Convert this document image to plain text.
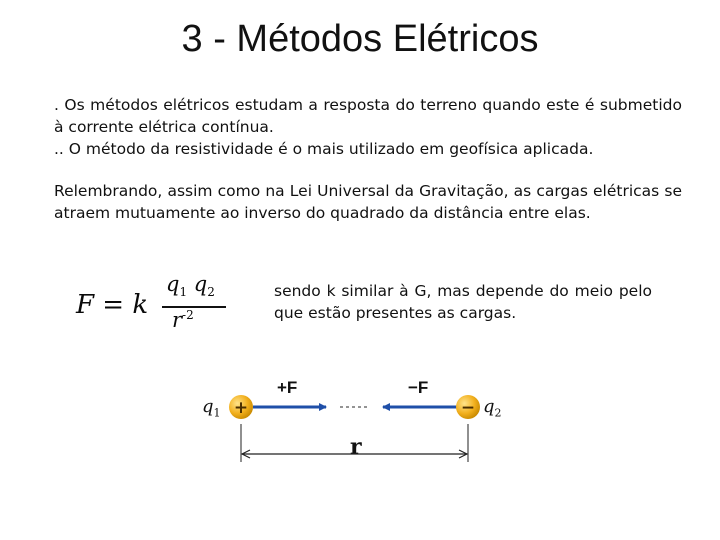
3 - Métodos Elétricos

. Os métodos elétricos estudam a resposta do terreno quando este é submetido à corrente elétrica contínua.

.. O método da resistividade é o mais utilizado em geofísica aplicada.

Relembrando, assim como na Lei Universal da Gravitação, as cargas elétricas se atraem mutuamente ao inverso do quadrado da distância entre elas.

F = k
$q_1$ $q_2$
$r^{-2}$
sendo k similar à G, mas depende do meio pelo que estão presentes as cargas.
$q_1$	$q_2$
+F	−F
r
+	−
